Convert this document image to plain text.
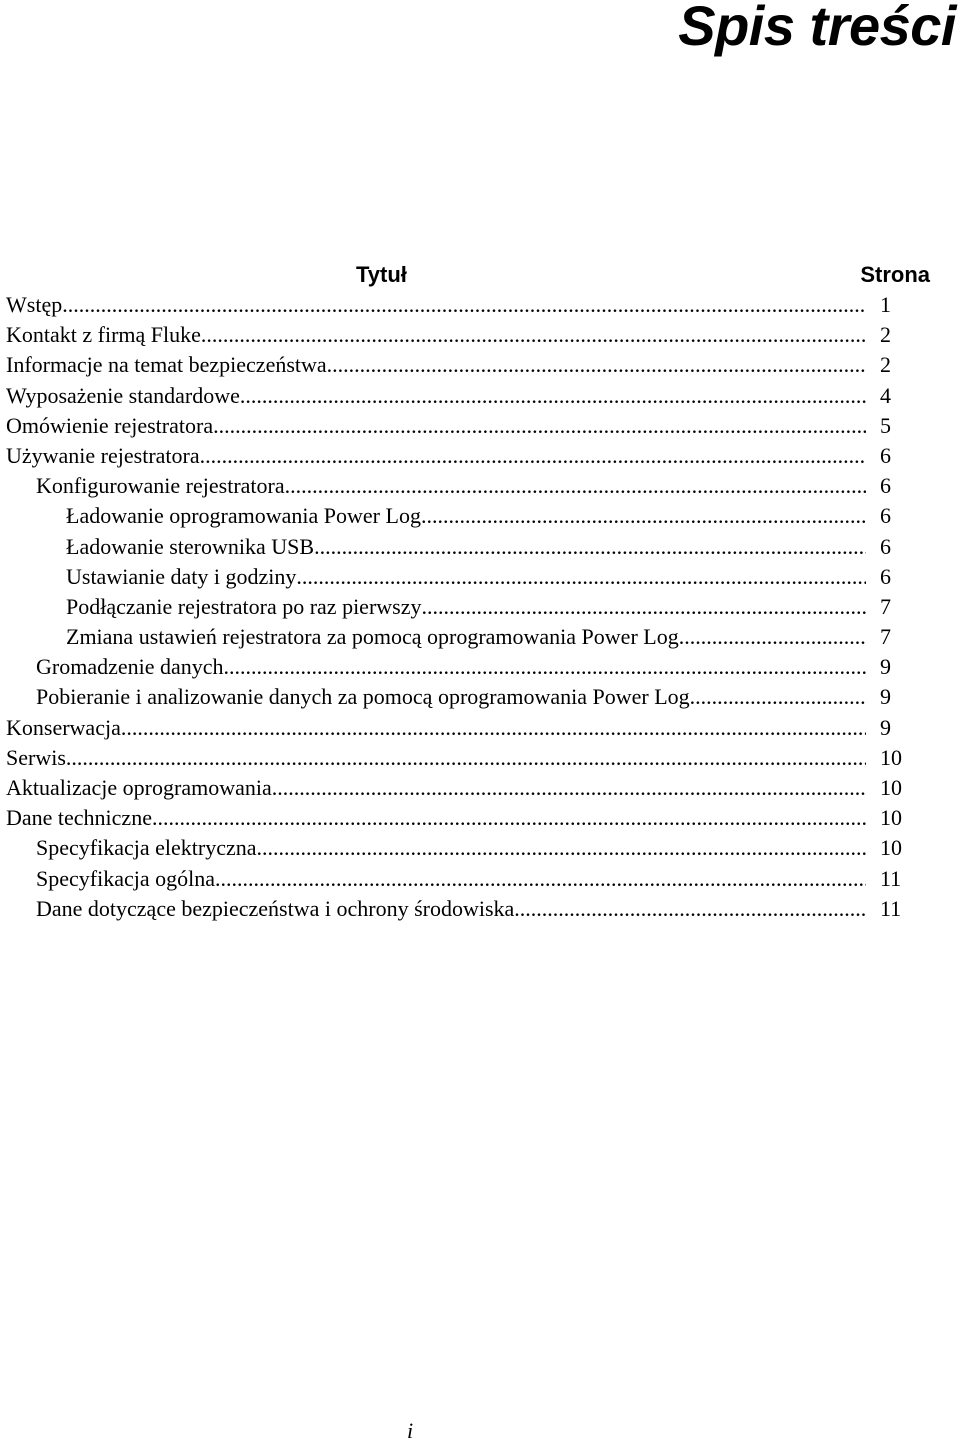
Spis treści
Tytuł	Strona
Wstęp .....	1
Kontakt z firmą Fluke .....	2
Informacje na temat bezpieczeństwa .....	2
Wyposażenie standardowe .....	4
Omówienie rejestratora .....	5
Używanie rejestratora .....	6
Konfigurowanie rejestratora .....	6
Ładowanie oprogramowania Power Log .....	6
Ładowanie sterownika USB .....	6
Ustawianie daty i godziny .....	6
Podłączanie rejestratora po raz pierwszy .....	7
Zmiana ustawień rejestratora za pomocą oprogramowania Power Log .....	7
Gromadzenie danych .....	9
Pobieranie i analizowanie danych za pomocą oprogramowania Power Log. .....	9
Konserwacja .....	9
Serwis .....	10
Aktualizacje oprogramowania .....	10
Dane techniczne .....	10
Specyfikacja elektryczna .....	10
Specyfikacja ogólna .....	11
Dane dotyczące bezpieczeństwa i ochrony środowiska .....	11
i
